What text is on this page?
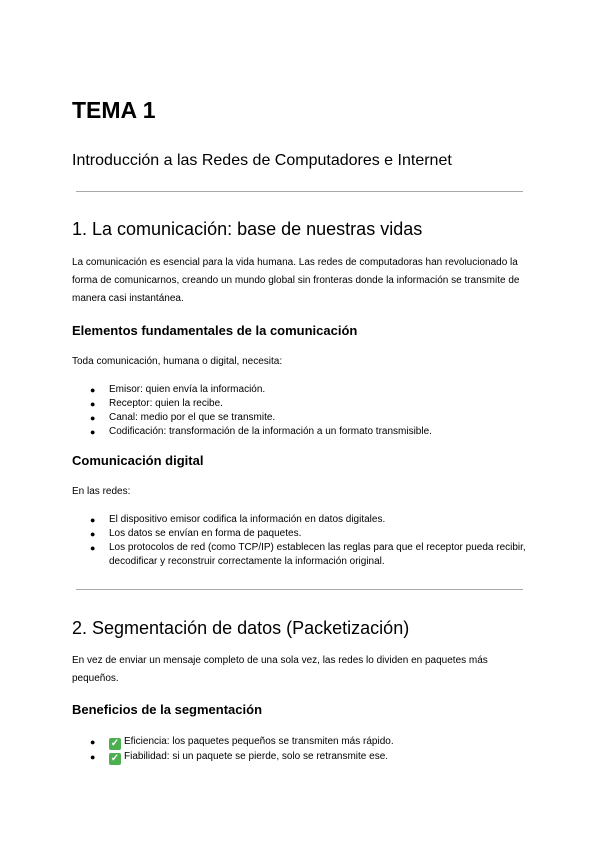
TEMA 1
Introducción a las Redes de Computadores e Internet
1. La comunicación: base de nuestras vidas

La comunicación es esencial para la vida humana. Las redes de computadoras han revolucionado la forma de comunicarnos, creando un mundo global sin fronteras donde la información se transmite de manera casi instantánea.

Elementos fundamentales de la comunicación

Toda comunicación, humana o digital, necesita:

● Emisor: quien envía la información.
● Receptor: quien la recibe.
● Canal: medio por el que se transmite.
● Codificación: transformación de la información a un formato transmisible.
Comunicación digital

En las redes:

● El dispositivo emisor codifica la información en datos digitales.
● Los datos se envían en forma de paquetes.
● Los protocolos de red (como TCP/IP) establecen las reglas para que el receptor pueda recibir, decodificar y reconstruir correctamente la información original.
2. Segmentación de datos (Packetización)

En vez de enviar un mensaje completo de una sola vez, las redes lo dividen en paquetes más pequeños.

Beneficios de la segmentación
● ✓ Eficiencia: los paquetes pequeños se transmiten más rápido.
● ✓ Fiabilidad: si un paquete se pierde, solo se retransmite ese.
